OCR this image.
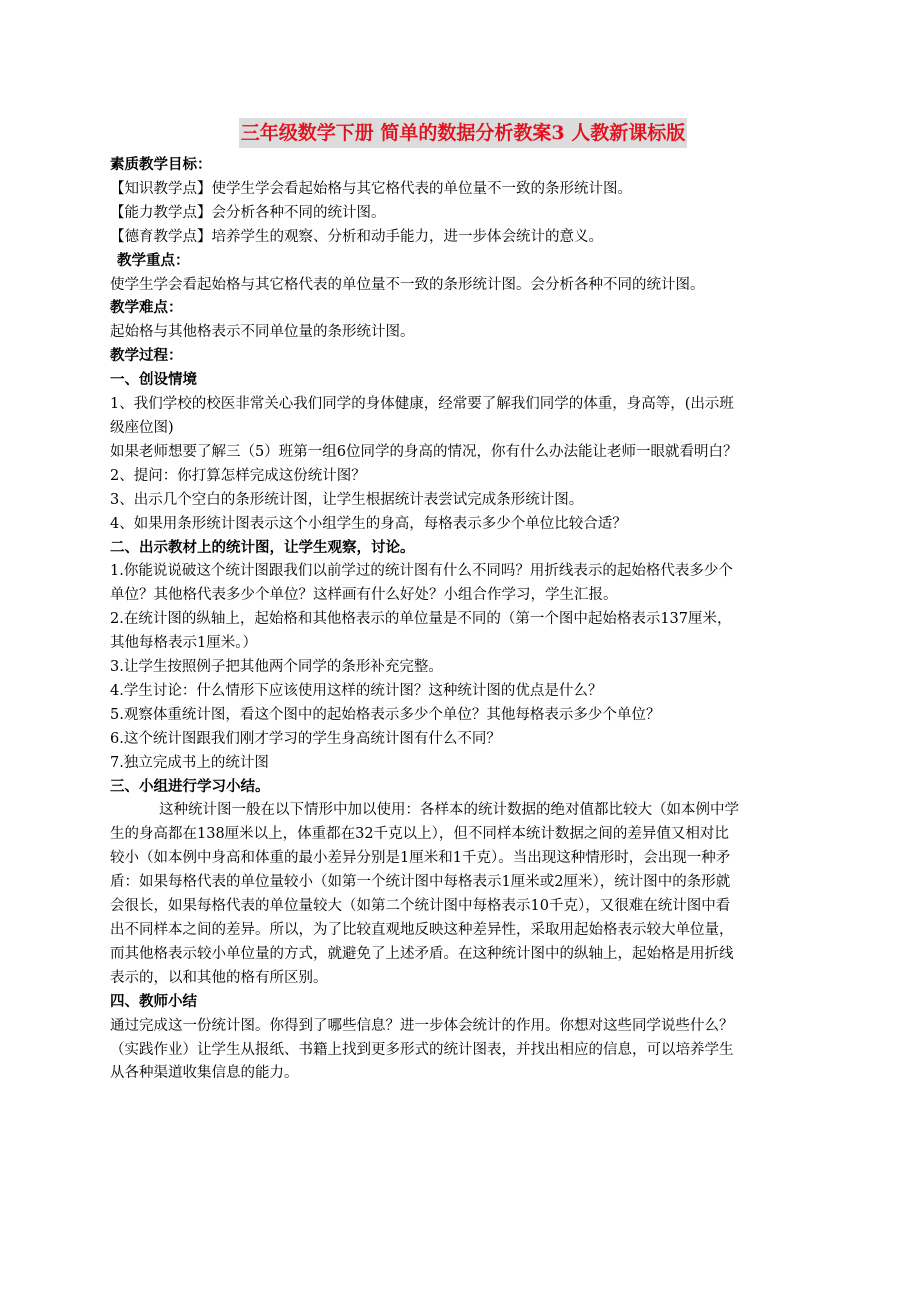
三年级数学下册 简单的数据分析教案3 人教新课标版
素质教学目标：
【知识教学点】使学生学会看起始格与其它格代表的单位量不一致的条形统计图。
【能力教学点】会分析各种不同的统计图。
【德育教学点】培养学生的观察、分析和动手能力，进一步体会统计的意义。
教学重点：
使学生学会看起始格与其它格代表的单位量不一致的条形统计图。会分析各种不同的统计图。
教学难点：
起始格与其他格表示不同单位量的条形统计图。
教学过程：
一、创设情境
1、我们学校的校医非常关心我们同学的身体健康，经常要了解我们同学的体重，身高等，(出示班
级座位图)
如果老师想要了解三（5）班第一组6位同学的身高的情况，你有什么办法能让老师一眼就看明白？
2、提问：你打算怎样完成这份统计图？
3、出示几个空白的条形统计图，让学生根据统计表尝试完成条形统计图。
4、如果用条形统计图表示这个小组学生的身高，每格表示多少个单位比较合适？
二、出示教材上的统计图，让学生观察，讨论。
1.你能说说破这个统计图跟我们以前学过的统计图有什么不同吗？用折线表示的起始格代表多少个
单位？其他格代表多少个单位？这样画有什么好处？小组合作学习，学生汇报。
2.在统计图的纵轴上，起始格和其他格表示的单位量是不同的（第一个图中起始格表示137厘米，
其他每格表示1厘米。）
3.让学生按照例子把其他两个同学的条形补充完整。
4.学生讨论：什么情形下应该使用这样的统计图？这种统计图的优点是什么？
5.观察体重统计图，看这个图中的起始格表示多少个单位？其他每格表示多少个单位？
6.这个统计图跟我们刚才学习的学生身高统计图有什么不同？
7.独立完成书上的统计图
三、小组进行学习小结。
这种统计图一般在以下情形中加以使用：各样本的统计数据的绝对值都比较大（如本例中学
生的身高都在138厘米以上，体重都在32千克以上），但不同样本统计数据之间的差异值又相对比
较小（如本例中身高和体重的最小差异分别是1厘米和1千克）。当出现这种情形时，会出现一种矛
盾：如果每格代表的单位量较小（如第一个统计图中每格表示1厘米或2厘米），统计图中的条形就
会很长，如果每格代表的单位量较大（如第二个统计图中每格表示10千克），又很难在统计图中看
出不同样本之间的差异。所以，为了比较直观地反映这种差异性，采取用起始格表示较大单位量，
而其他格表示较小单位量的方式，就避免了上述矛盾。在这种统计图中的纵轴上，起始格是用折线
表示的，以和其他的格有所区别。
四、教师小结
通过完成这一份统计图。你得到了哪些信息？进一步体会统计的作用。你想对这些同学说些什么？
（实践作业）让学生从报纸、书籍上找到更多形式的统计图表，并找出相应的信息，可以培养学生
从各种渠道收集信息的能力。
